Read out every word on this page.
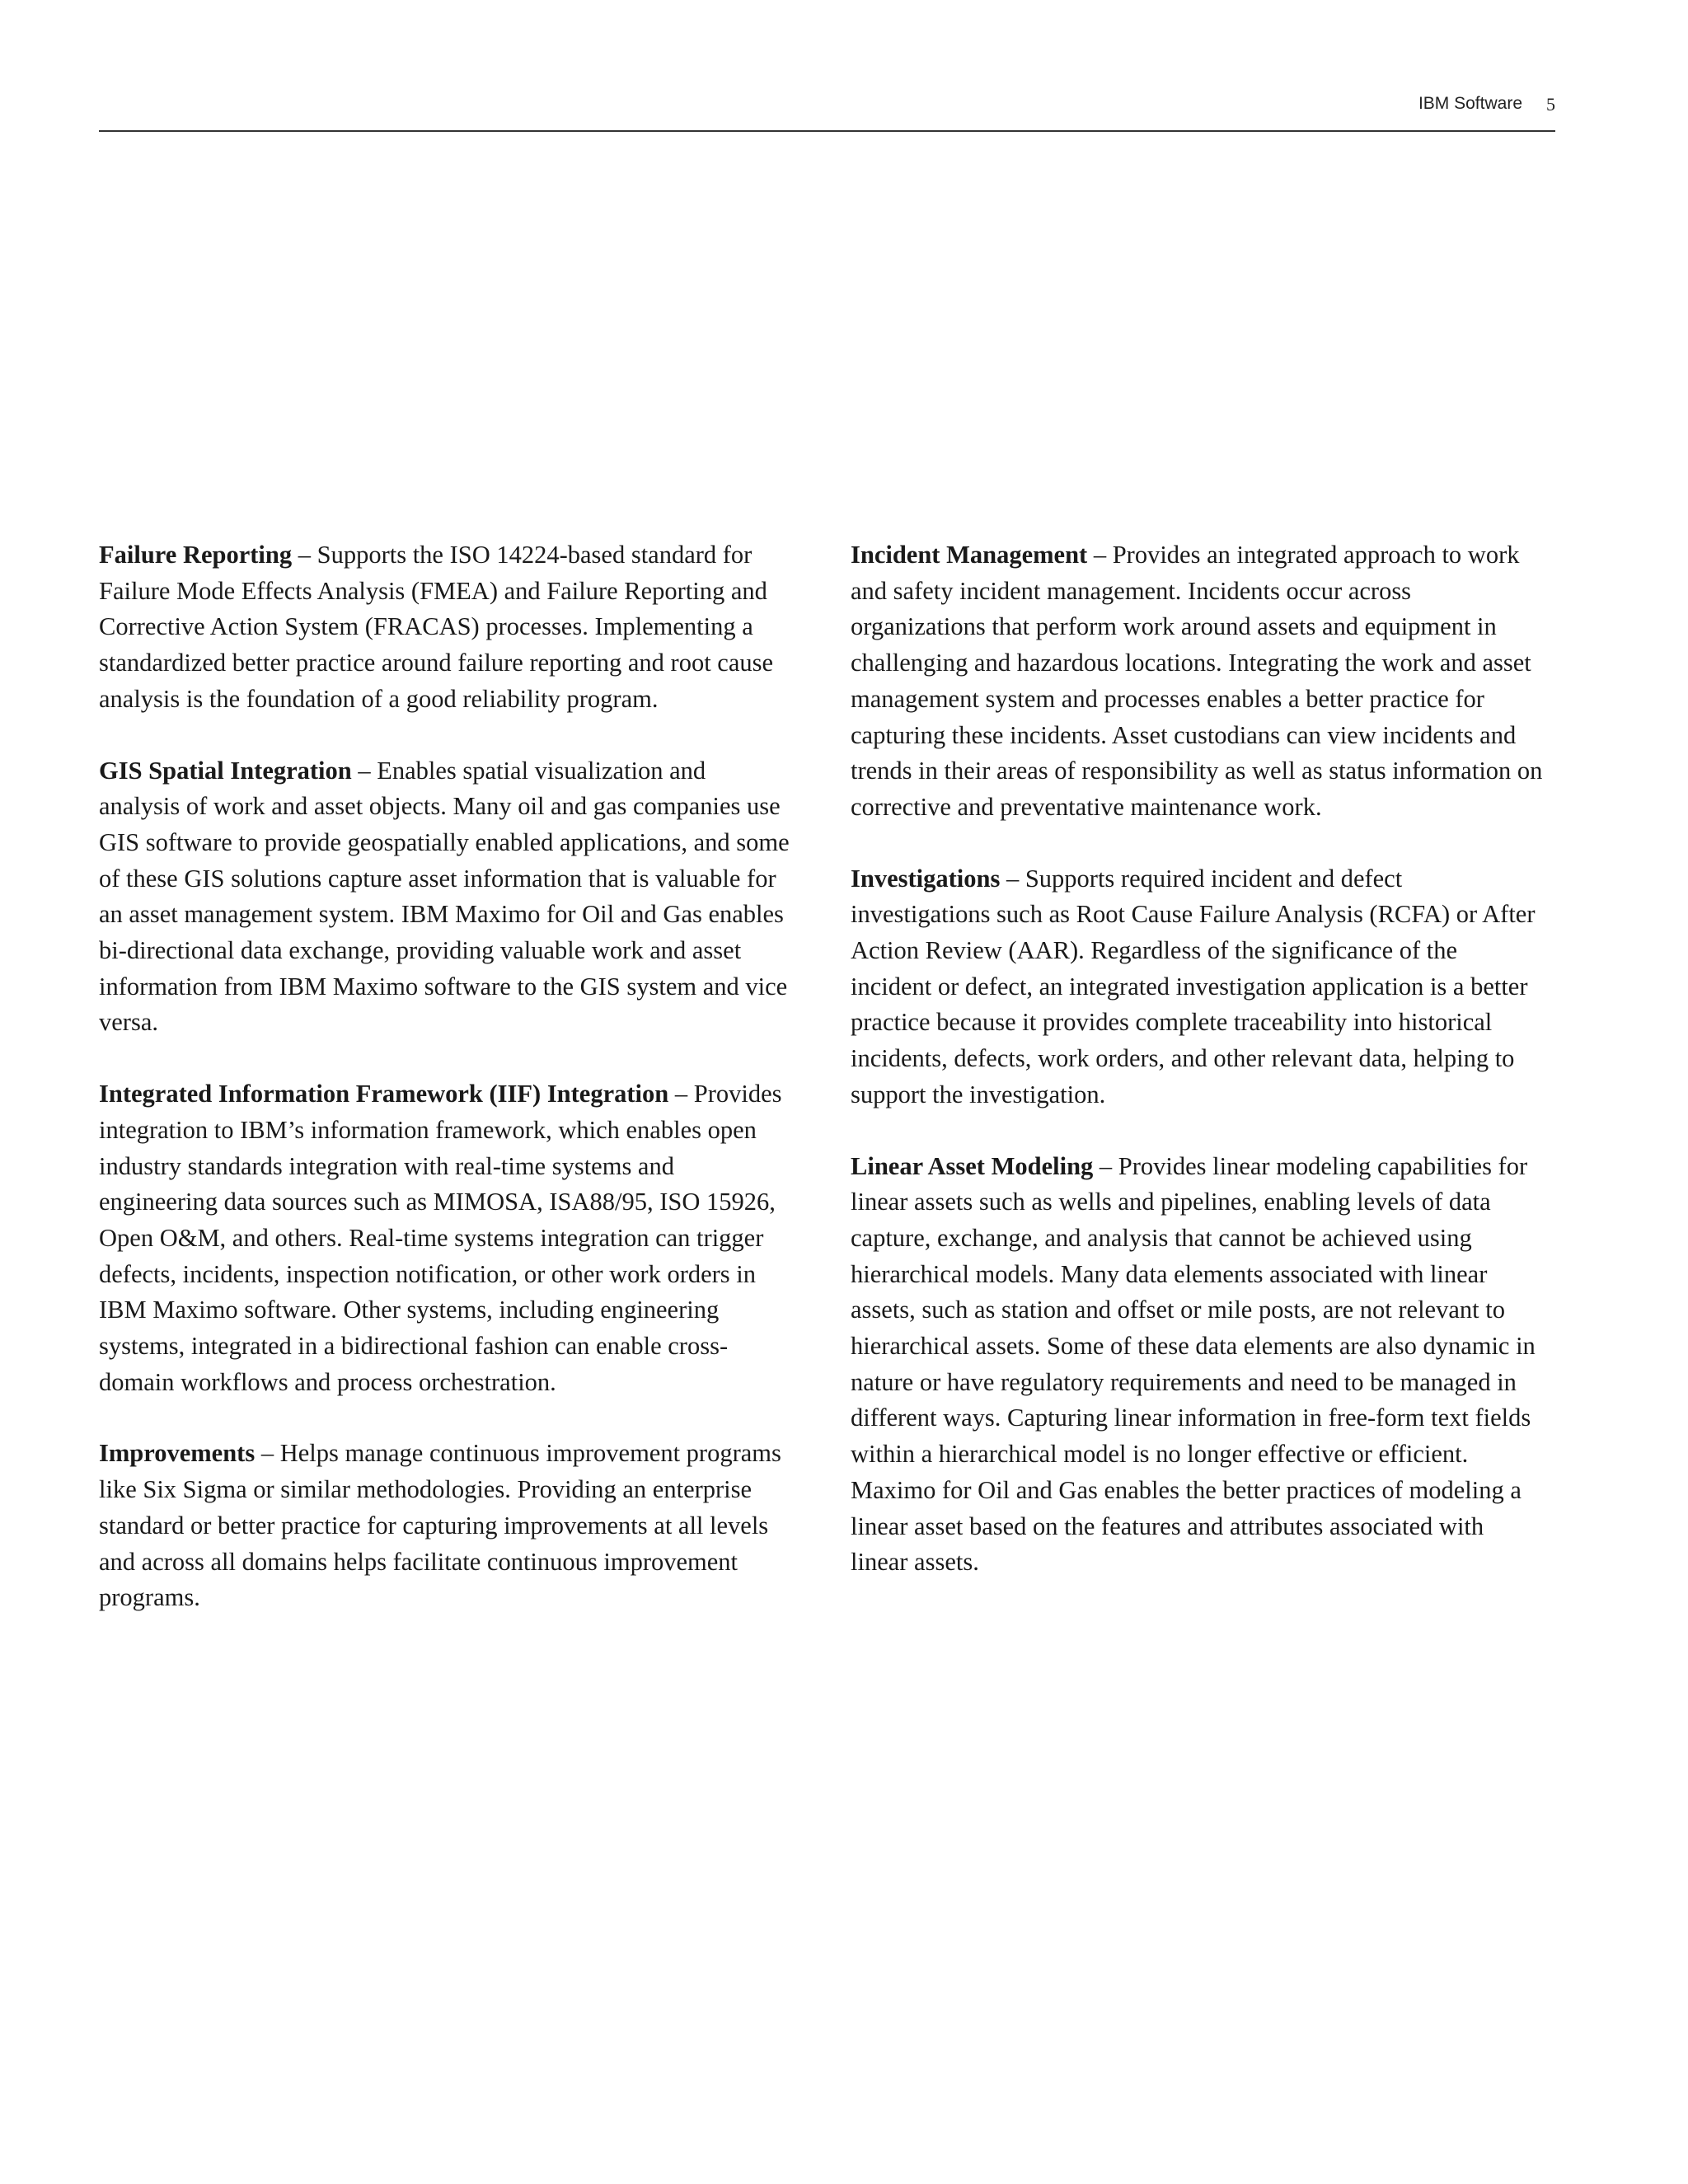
IBM Software 5

Failure Reporting – Supports the ISO 14224-based standard for Failure Mode Effects Analysis (FMEA) and Failure Reporting and Corrective Action System (FRACAS) processes. Implementing a standardized better practice around failure reporting and root cause analysis is the foundation of a good reliability program.

GIS Spatial Integration – Enables spatial visualization and analysis of work and asset objects. Many oil and gas companies use GIS software to provide geospatially enabled applications, and some of these GIS solutions capture asset information that is valuable for an asset management system. IBM Maximo for Oil and Gas enables bi-directional data exchange, providing valuable work and asset information from IBM Maximo software to the GIS system and vice versa.

Integrated Information Framework (IIF) Integration – Provides integration to IBM’s information framework, which enables open industry standards integration with real-time systems and engineering data sources such as MIMOSA, ISA88/95, ISO 15926, Open O&M, and others. Real-time systems integration can trigger defects, incidents, inspection notification, or other work orders in IBM Maximo software. Other systems, including engineering systems, integrated in a bidirectional fashion can enable cross-domain workflows and process orchestration.

Improvements – Helps manage continuous improvement programs like Six Sigma or similar methodologies. Providing an enterprise standard or better practice for capturing improvements at all levels and across all domains helps facilitate continuous improvement programs.

Incident Management – Provides an integrated approach to work and safety incident management. Incidents occur across organizations that perform work around assets and equipment in challenging and hazardous locations. Integrating the work and asset management system and processes enables a better practice for capturing these incidents. Asset custodians can view incidents and trends in their areas of responsibility as well as status information on corrective and preventative maintenance work.

Investigations – Supports required incident and defect investigations such as Root Cause Failure Analysis (RCFA) or After Action Review (AAR). Regardless of the significance of the incident or defect, an integrated investigation application is a better practice because it provides complete traceability into historical incidents, defects, work orders, and other relevant data, helping to support the investigation.

Linear Asset Modeling – Provides linear modeling capabilities for linear assets such as wells and pipelines, enabling levels of data capture, exchange, and analysis that cannot be achieved using hierarchical models. Many data elements associated with linear assets, such as station and offset or mile posts, are not relevant to hierarchical assets. Some of these data elements are also dynamic in nature or have regulatory requirements and need to be managed in different ways. Capturing linear information in free-form text fields within a hierarchical model is no longer effective or efficient. Maximo for Oil and Gas enables the better practices of modeling a linear asset based on the features and attributes associated with linear assets.
